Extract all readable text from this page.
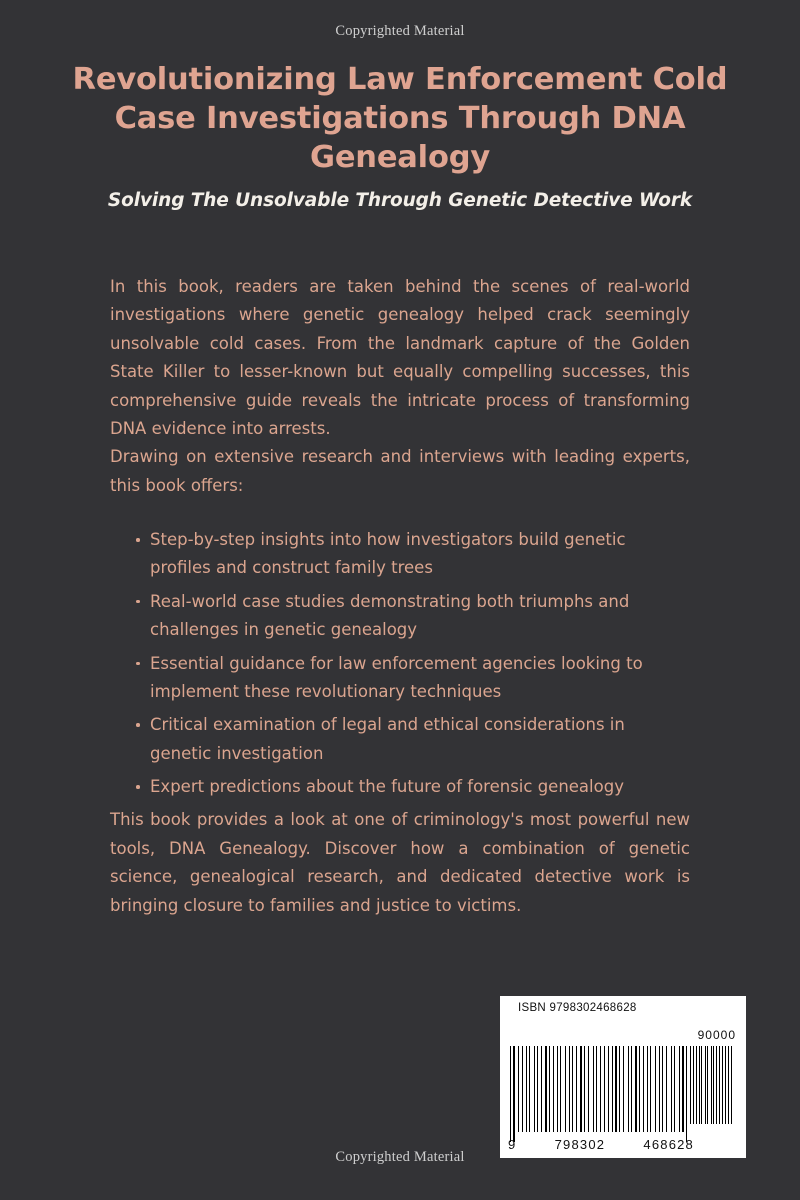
Copyrighted Material
Revolutionizing Law Enforcement Cold Case Investigations Through DNA Genealogy
Solving The Unsolvable Through Genetic Detective Work

In this book, readers are taken behind the scenes of real-world investigations where genetic genealogy helped crack seemingly unsolvable cold cases. From the landmark capture of the Golden State Killer to lesser-known but equally compelling successes, this comprehensive guide reveals the intricate process of transforming DNA evidence into arrests.

Drawing on extensive research and interviews with leading experts, this book offers:

Step-by-step insights into how investigators build genetic profiles and construct family trees
Real-world case studies demonstrating both triumphs and challenges in genetic genealogy
Essential guidance for law enforcement agencies looking to implement these revolutionary techniques
Critical examination of legal and ethical considerations in genetic investigation
Expert predictions about the future of forensic genealogy

This book provides a look at one of criminology's most powerful new tools, DNA Genealogy. Discover how a combination of genetic science, genealogical research, and dedicated detective work is bringing closure to families and justice to victims.

ISBN 9798302468628
90000
9	798302	468628
Copyrighted Material
